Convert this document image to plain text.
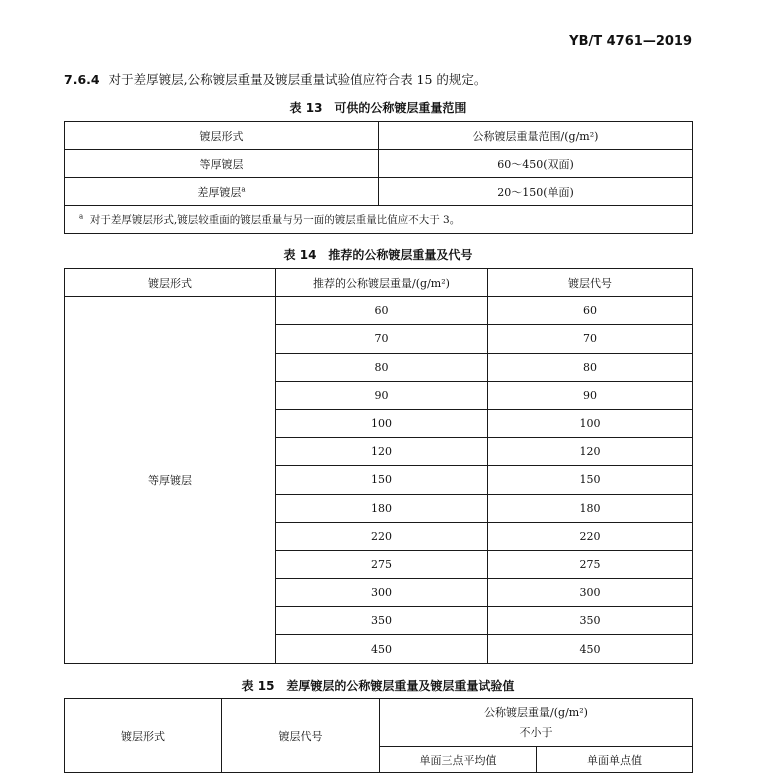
YB/T 4761—2019
7.6.4 对于差厚镀层,公称镀层重量及镀层重量试验值应符合表 15 的规定。
表 13　可供的公称镀层重量范围
镀层形式	公称镀层重量范围/(g/m²)
等厚镀层	60～450(双面)
差厚镀层$^a$	20～150(单面)
$^a$ 对于差厚镀层形式,镀层较重面的镀层重量与另一面的镀层重量比值应不大于 3。	
表 14　推荐的公称镀层重量及代号
镀层形式	推荐的公称镀层重量/(g/m²)	镀层代号
等厚镀层	60	60
	70	70
	80	80
	90	90
	100	100
	120	120
	150	150
	180	180
	220	220
	275	275
	300	300
	350	350
	450	450
表 15　差厚镀层的公称镀层重量及镀层重量试验值
镀层形式	镀层代号	公称镀层重量/(g/m²)
不小于	

		单面三点平均值	单面单点值
